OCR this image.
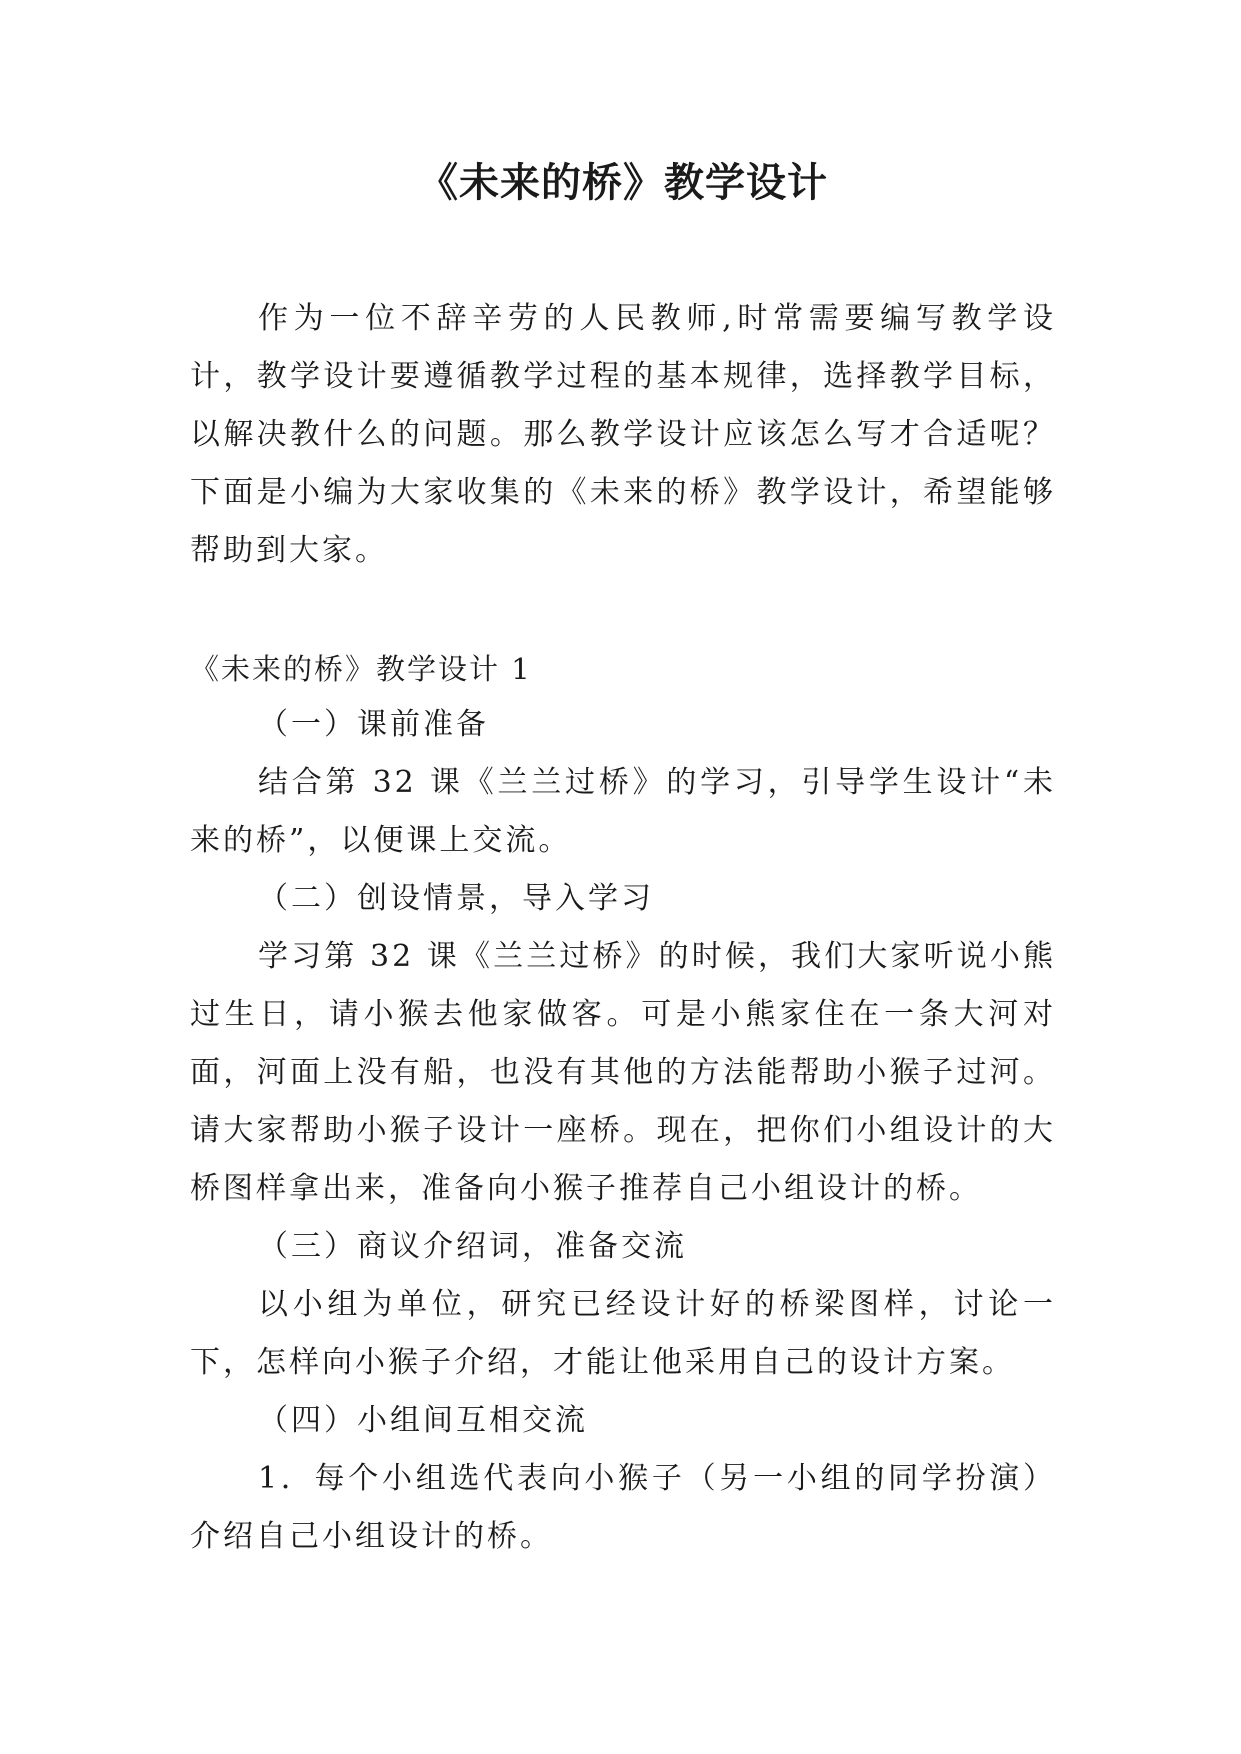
《未来的桥》教学设计

作为一位不辞辛劳的人民教师,时常需要编写教学设计，教学设计要遵循教学过程的基本规律，选择教学目标，以解决教什么的问题。那么教学设计应该怎么写才合适呢？下面是小编为大家收集的《未来的桥》教学设计，希望能够帮助到大家。

《未来的桥》教学设计 1

（一）课前准备

结合第 32 课《兰兰过桥》的学习，引导学生设计“未来的桥”，以便课上交流。

（二）创设情景，导入学习

学习第 32 课《兰兰过桥》的时候，我们大家听说小熊过生日，请小猴去他家做客。可是小熊家住在一条大河对面，河面上没有船，也没有其他的方法能帮助小猴子过河。请大家帮助小猴子设计一座桥。现在，把你们小组设计的大桥图样拿出来，准备向小猴子推荐自己小组设计的桥。

（三）商议介绍词，准备交流

以小组为单位，研究已经设计好的桥梁图样，讨论一下，怎样向小猴子介绍，才能让他采用自己的设计方案。

（四）小组间互相交流

1．每个小组选代表向小猴子（另一小组的同学扮演）介绍自己小组设计的桥。
